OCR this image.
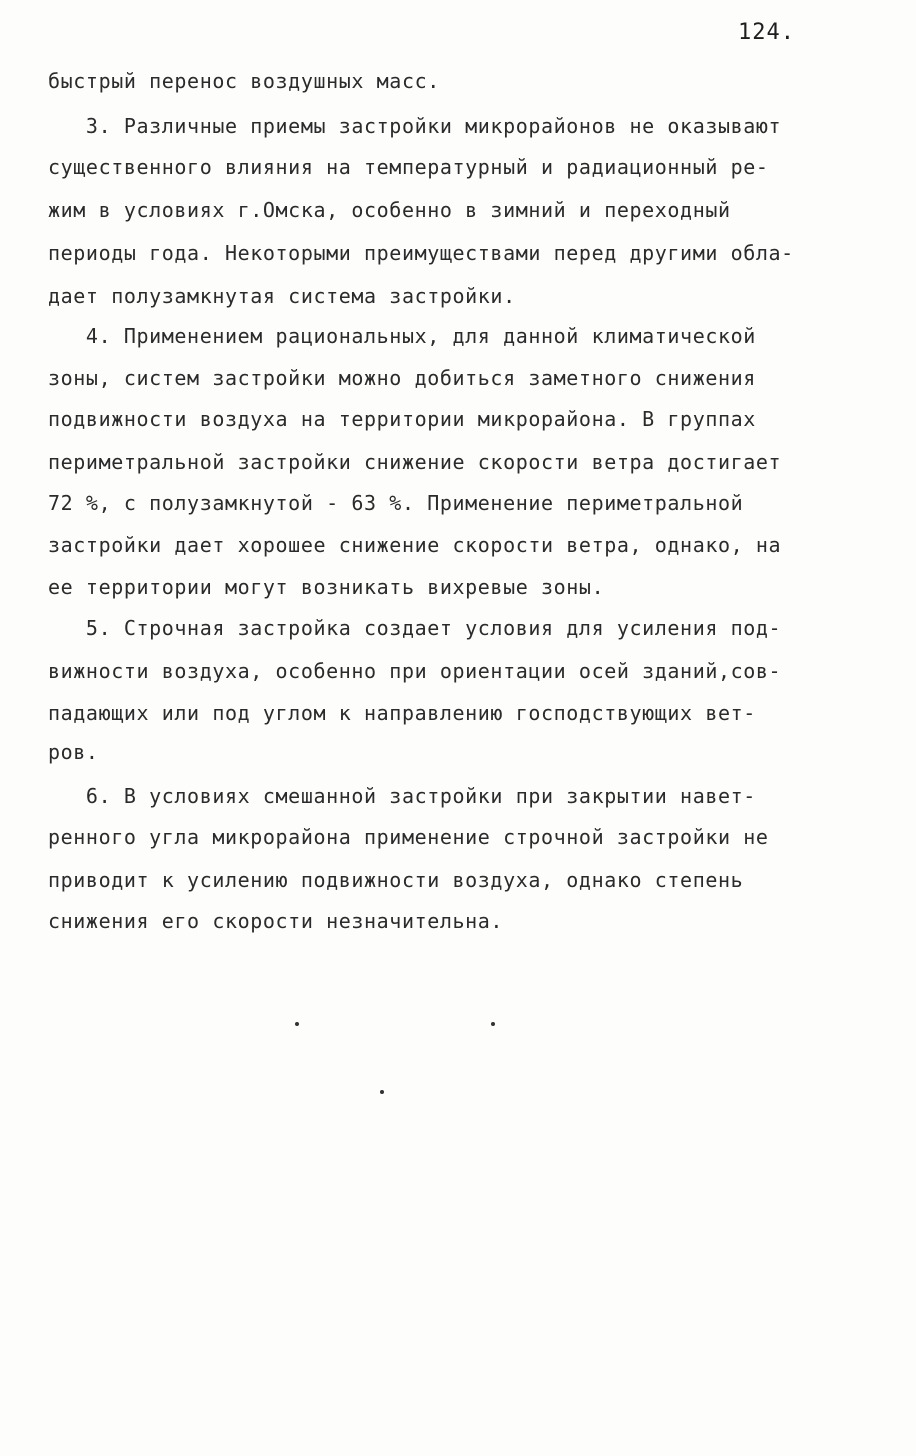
124.
быстрый перенос воздушных масс.
3. Различные приемы застройки микрорайонов не оказывают
существенного влияния на температурный и радиационный ре-
жим в условиях г.Омска, особенно в зимний и переходный
периоды года. Некоторыми преимуществами перед другими обла-
дает полузамкнутая система застройки.
4. Применением рациональных, для данной климатической
зоны, систем застройки можно добиться заметного снижения
подвижности воздуха на территории микрорайона. В группах
периметральной застройки снижение скорости ветра достигает
72 %, с полузамкнутой - 63 %. Применение периметральной
застройки дает хорошее снижение скорости ветра, однако, на
ее территории могут возникать вихревые зоны.
5. Строчная застройка создает условия для усиления под-
вижности воздуха, особенно при ориентации осей зданий,сов-
падающих или под углом к направлению господствующих вет-
ров.
6. В условиях смешанной застройки при закрытии навет-
ренного угла микрорайона применение строчной застройки не
приводит к усилению подвижности воздуха, однако степень
снижения его скорости незначительна.
